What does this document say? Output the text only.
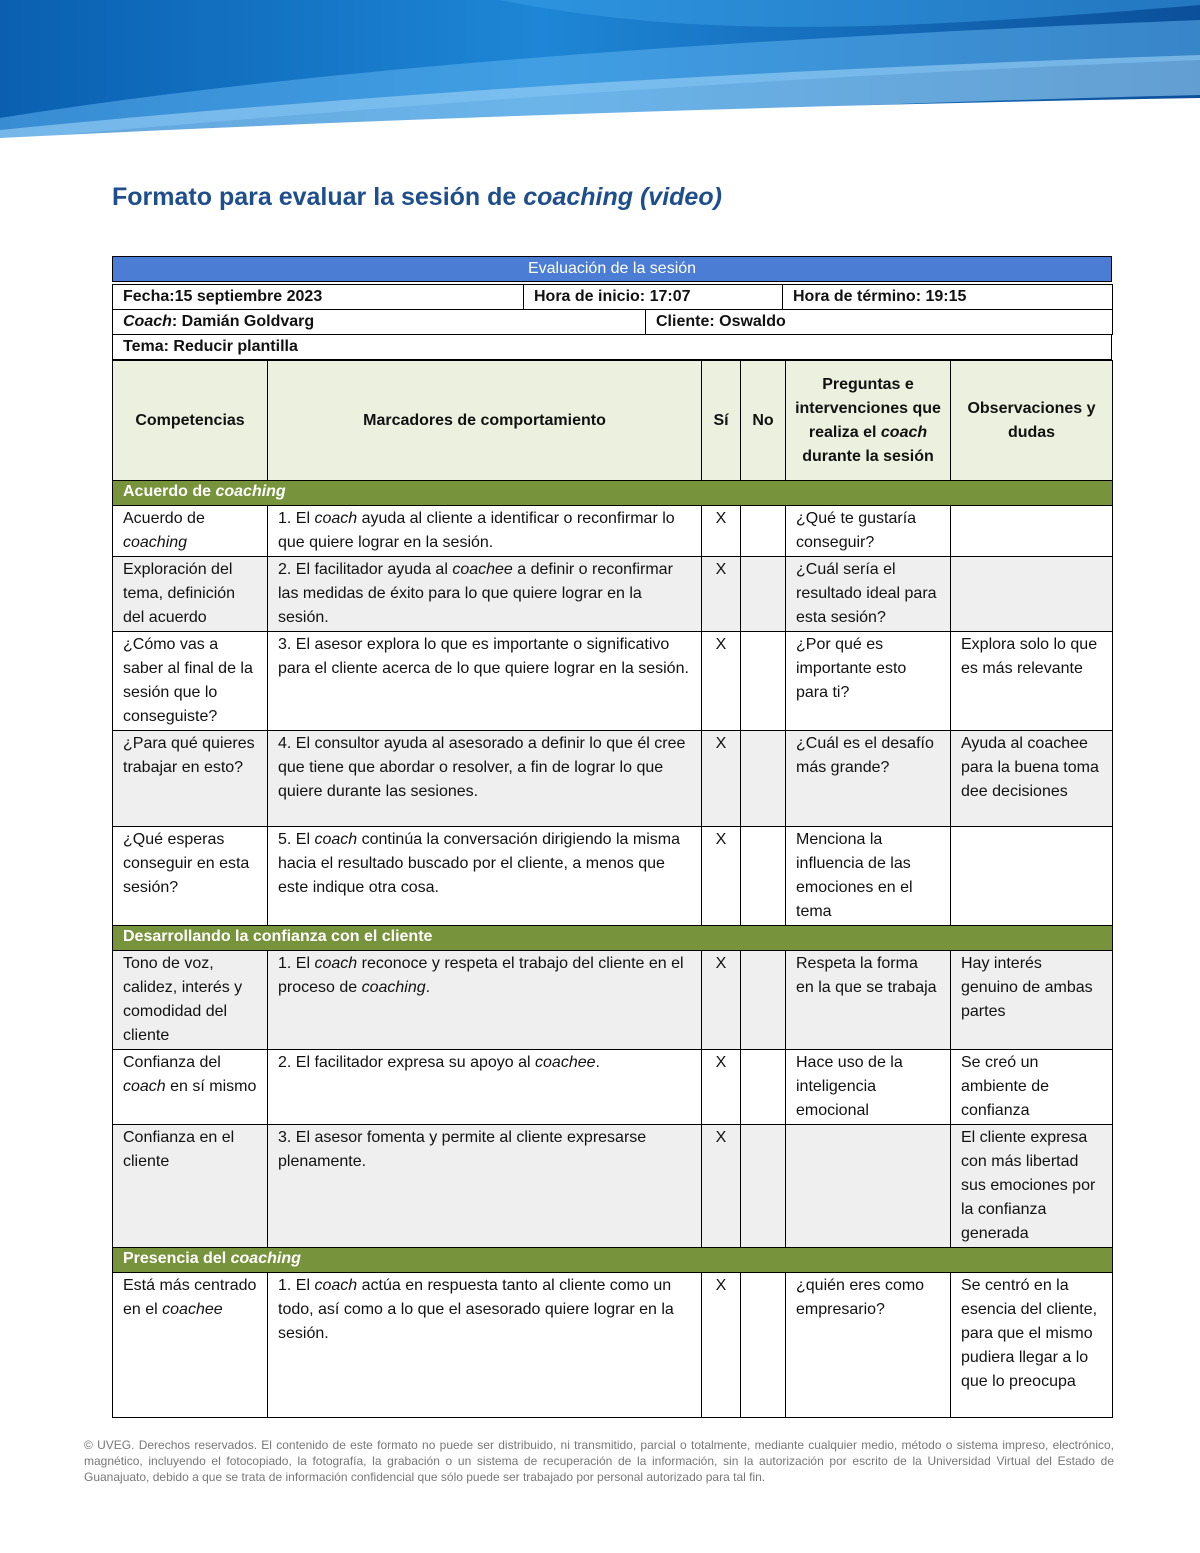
Formato para evaluar la sesión de coaching (video)
Evaluación de la sesión
Fecha:15 septiembre 2023	Hora de inicio: 17:07	Hora de término: 19:15
Coach: Damián Goldvarg	Cliente: Oswaldo
Tema: Reducir plantilla
Competencias	Marcadores de comportamiento	Sí	No	Preguntas e intervenciones que realiza el coach durante la sesión	Observaciones y dudas
Acuerdo de coaching					
Acuerdo de coaching	1. El coach ayuda al cliente a identificar o reconfirmar lo que quiere lograr en la sesión.	X		¿Qué te gustaría conseguir?	
Exploración del tema, definición del acuerdo	2. El facilitador ayuda al coachee a definir o reconfirmar las medidas de éxito para lo que quiere lograr en la sesión.	X		¿Cuál sería el resultado ideal para esta sesión?	
¿Cómo vas a saber al final de la sesión que lo conseguiste?	3. El asesor explora lo que es importante o significativo para el cliente acerca de lo que quiere lograr en la sesión.	X		¿Por qué es importante esto para ti?	Explora solo lo que es más relevante
¿Para qué quieres trabajar en esto?	4. El consultor ayuda al asesorado a definir lo que él cree que tiene que abordar o resolver, a fin de lograr lo que quiere durante las sesiones.	X		¿Cuál es el desafío más grande?	Ayuda al coachee para la buena toma dee decisiones
¿Qué esperas conseguir en esta sesión?	5. El coach continúa la conversación dirigiendo la misma hacia el resultado buscado por el cliente, a menos que este indique otra cosa.	X		Menciona la influencia de las emociones en el tema	
Desarrollando la confianza con el cliente					
Tono de voz, calidez, interés y comodidad del cliente	1. El coach reconoce y respeta el trabajo del cliente en el proceso de coaching.	X		Respeta la forma en la que se trabaja	Hay interés genuino de ambas partes
Confianza del coach en sí mismo	2. El facilitador expresa su apoyo al coachee.	X		Hace uso de la inteligencia emocional	Se creó un ambiente de confianza
Confianza en el cliente	3. El asesor fomenta y permite al cliente expresarse plenamente.	X			El cliente expresa con más libertad sus emociones por la confianza generada
Presencia del coaching					
Está más centrado en el coachee	1. El coach actúa en respuesta tanto al cliente como un todo, así como a lo que el asesorado quiere lograr en la sesión.	X		¿quién eres como empresario?	Se centró en la esencia del cliente, para que el mismo pudiera llegar a lo que lo preocupa

© UVEG. Derechos reservados. El contenido de este formato no puede ser distribuido, ni transmitido, parcial o totalmente, mediante cualquier medio, método o sistema impreso, electrónico, magnético, incluyendo el fotocopiado, la fotografía, la grabación o un sistema de recuperación de la información, sin la autorización por escrito de la Universidad Virtual del Estado de Guanajuato, debido a que se trata de información confidencial que sólo puede ser trabajado por personal autorizado para tal fin.
